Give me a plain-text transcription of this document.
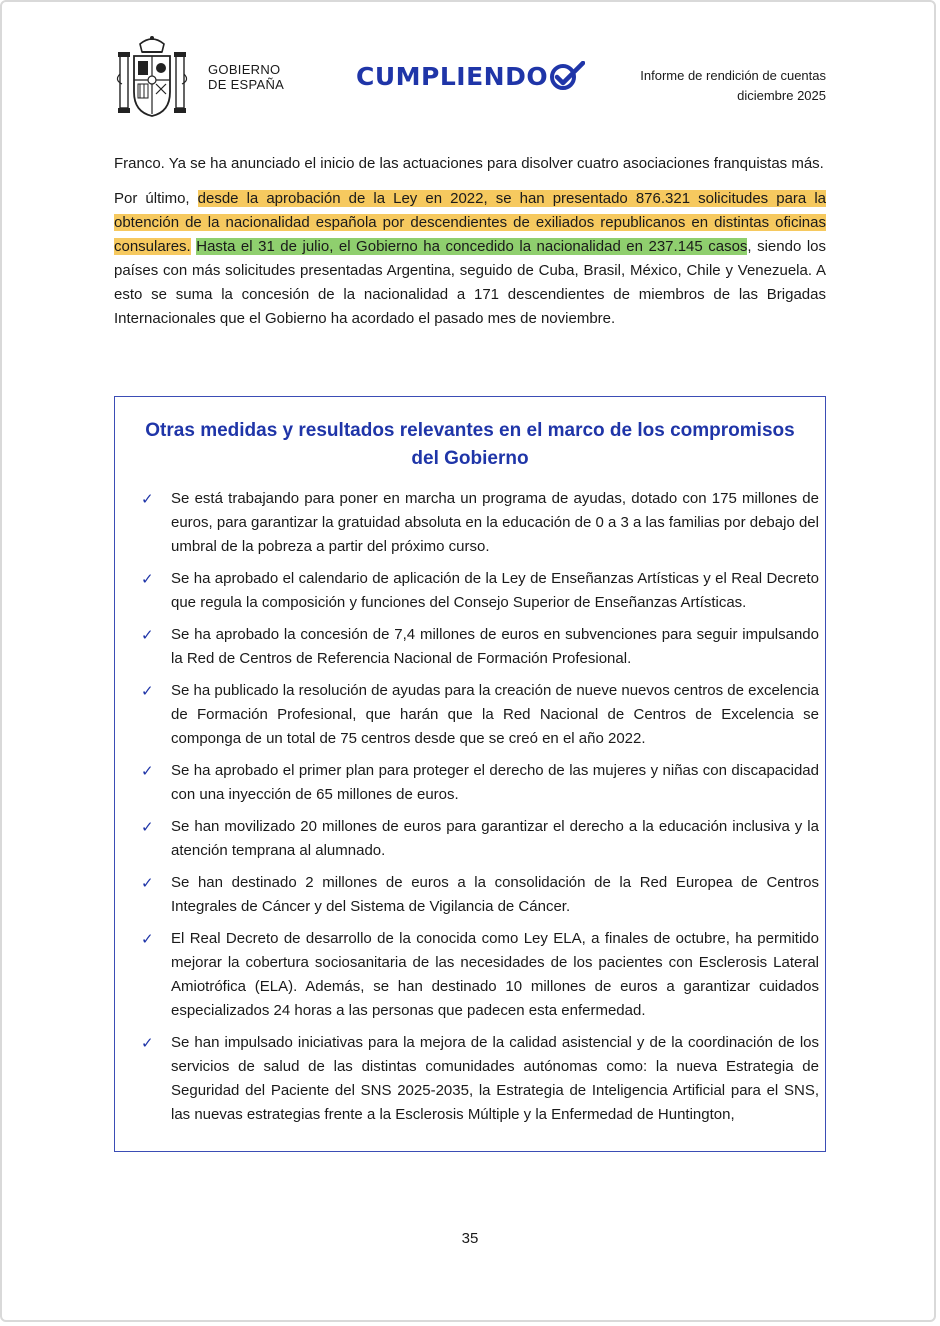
GOBIERNO
DE ESPAÑA	CUMPLIENDO	Informe de rendición de cuentas
diciembre 2025

Franco. Ya se ha anunciado el inicio de las actuaciones para disolver cuatro asociaciones franquistas más.

Por último, desde la aprobación de la Ley en 2022, se han presentado 876.321 solicitudes para la obtención de la nacionalidad española por descendientes de exiliados republicanos en distintas oficinas consulares. Hasta el 31 de julio, el Gobierno ha concedido la nacionalidad en 237.145 casos, siendo los países con más solicitudes presentadas Argentina, seguido de Cuba, Brasil, México, Chile y Venezuela. A esto se suma la concesión de la nacionalidad a 171 descendientes de miembros de las Brigadas Internacionales que el Gobierno ha acordado el pasado mes de noviembre.

Otras medidas y resultados relevantes en el marco de los compromisos del Gobierno
✓	Se está trabajando para poner en marcha un programa de ayudas, dotado con 175 millones de euros, para garantizar la gratuidad absoluta en la educación de 0 a 3 a las familias por debajo del umbral de la pobreza a partir del próximo curso.
✓	Se ha aprobado el calendario de aplicación de la Ley de Enseñanzas Artísticas y el Real Decreto que regula la composición y funciones del Consejo Superior de Enseñanzas Artísticas.
✓	Se ha aprobado la concesión de 7,4 millones de euros en subvenciones para seguir impulsando la Red de Centros de Referencia Nacional de Formación Profesional.
✓	Se ha publicado la resolución de ayudas para la creación de nueve nuevos centros de excelencia de Formación Profesional, que harán que la Red Nacional de Centros de Excelencia se componga de un total de 75 centros desde que se creó en el año 2022.
✓	Se ha aprobado el primer plan para proteger el derecho de las mujeres y niñas con discapacidad con una inyección de 65 millones de euros.
✓	Se han movilizado 20 millones de euros para garantizar el derecho a la educación inclusiva y la atención temprana al alumnado.
✓	Se han destinado 2 millones de euros a la consolidación de la Red Europea de Centros Integrales de Cáncer y del Sistema de Vigilancia de Cáncer.
✓	El Real Decreto de desarrollo de la conocida como Ley ELA, a finales de octubre, ha permitido mejorar la cobertura sociosanitaria de las necesidades de los pacientes con Esclerosis Lateral Amiotrófica (ELA). Además, se han destinado 10 millones de euros a garantizar cuidados especializados 24 horas a las personas que padecen esta enfermedad.
✓	Se han impulsado iniciativas para la mejora de la calidad asistencial y de la coordinación de los servicios de salud de las distintas comunidades autónomas como: la nueva Estrategia de Seguridad del Paciente del SNS 2025-2035, la Estrategia de Inteligencia Artificial para el SNS, las nuevas estrategias frente a la Esclerosis Múltiple y la Enfermedad de Huntington,
35
